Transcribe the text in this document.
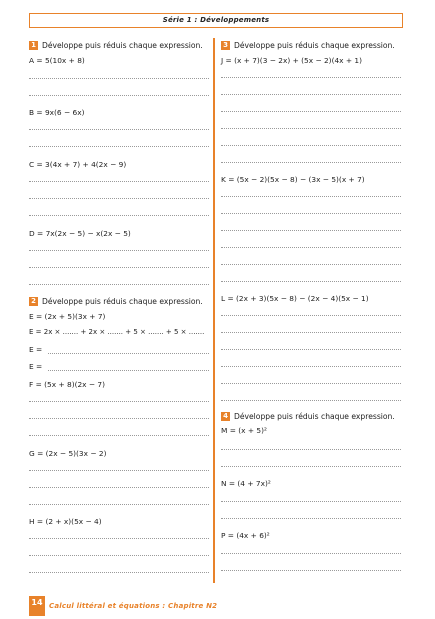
Série 1 : Développements
1 Développe puis réduis chaque expression.
A = 5(10x + 8)
B = 9x(6 − 6x)
C = 3(4x + 7) + 4(2x − 9)
D = 7x(2x − 5) − x(2x − 5)
2 Développe puis réduis chaque expression.
E = (2x + 5)(3x + 7)
E = 2x × ....... + 2x × ....... + 5 × ....... + 5 × .......
E =
E =
F = (5x + 8)(2x − 7)
G = (2x − 5)(3x − 2)
H = (2 + x)(5x − 4)
3 Développe puis réduis chaque expression.
J = (x + 7)(3 − 2x) + (5x − 2)(4x + 1)
K = (5x − 2)(5x − 8) − (3x − 5)(x + 7)
L = (2x + 3)(5x − 8) − (2x − 4)(5x − 1)
4 Développe puis réduis chaque expression.
M = (x + 5)²
N = (4 + 7x)²
P = (4x + 6)²
14 Calcul littéral et équations : Chapitre N2
